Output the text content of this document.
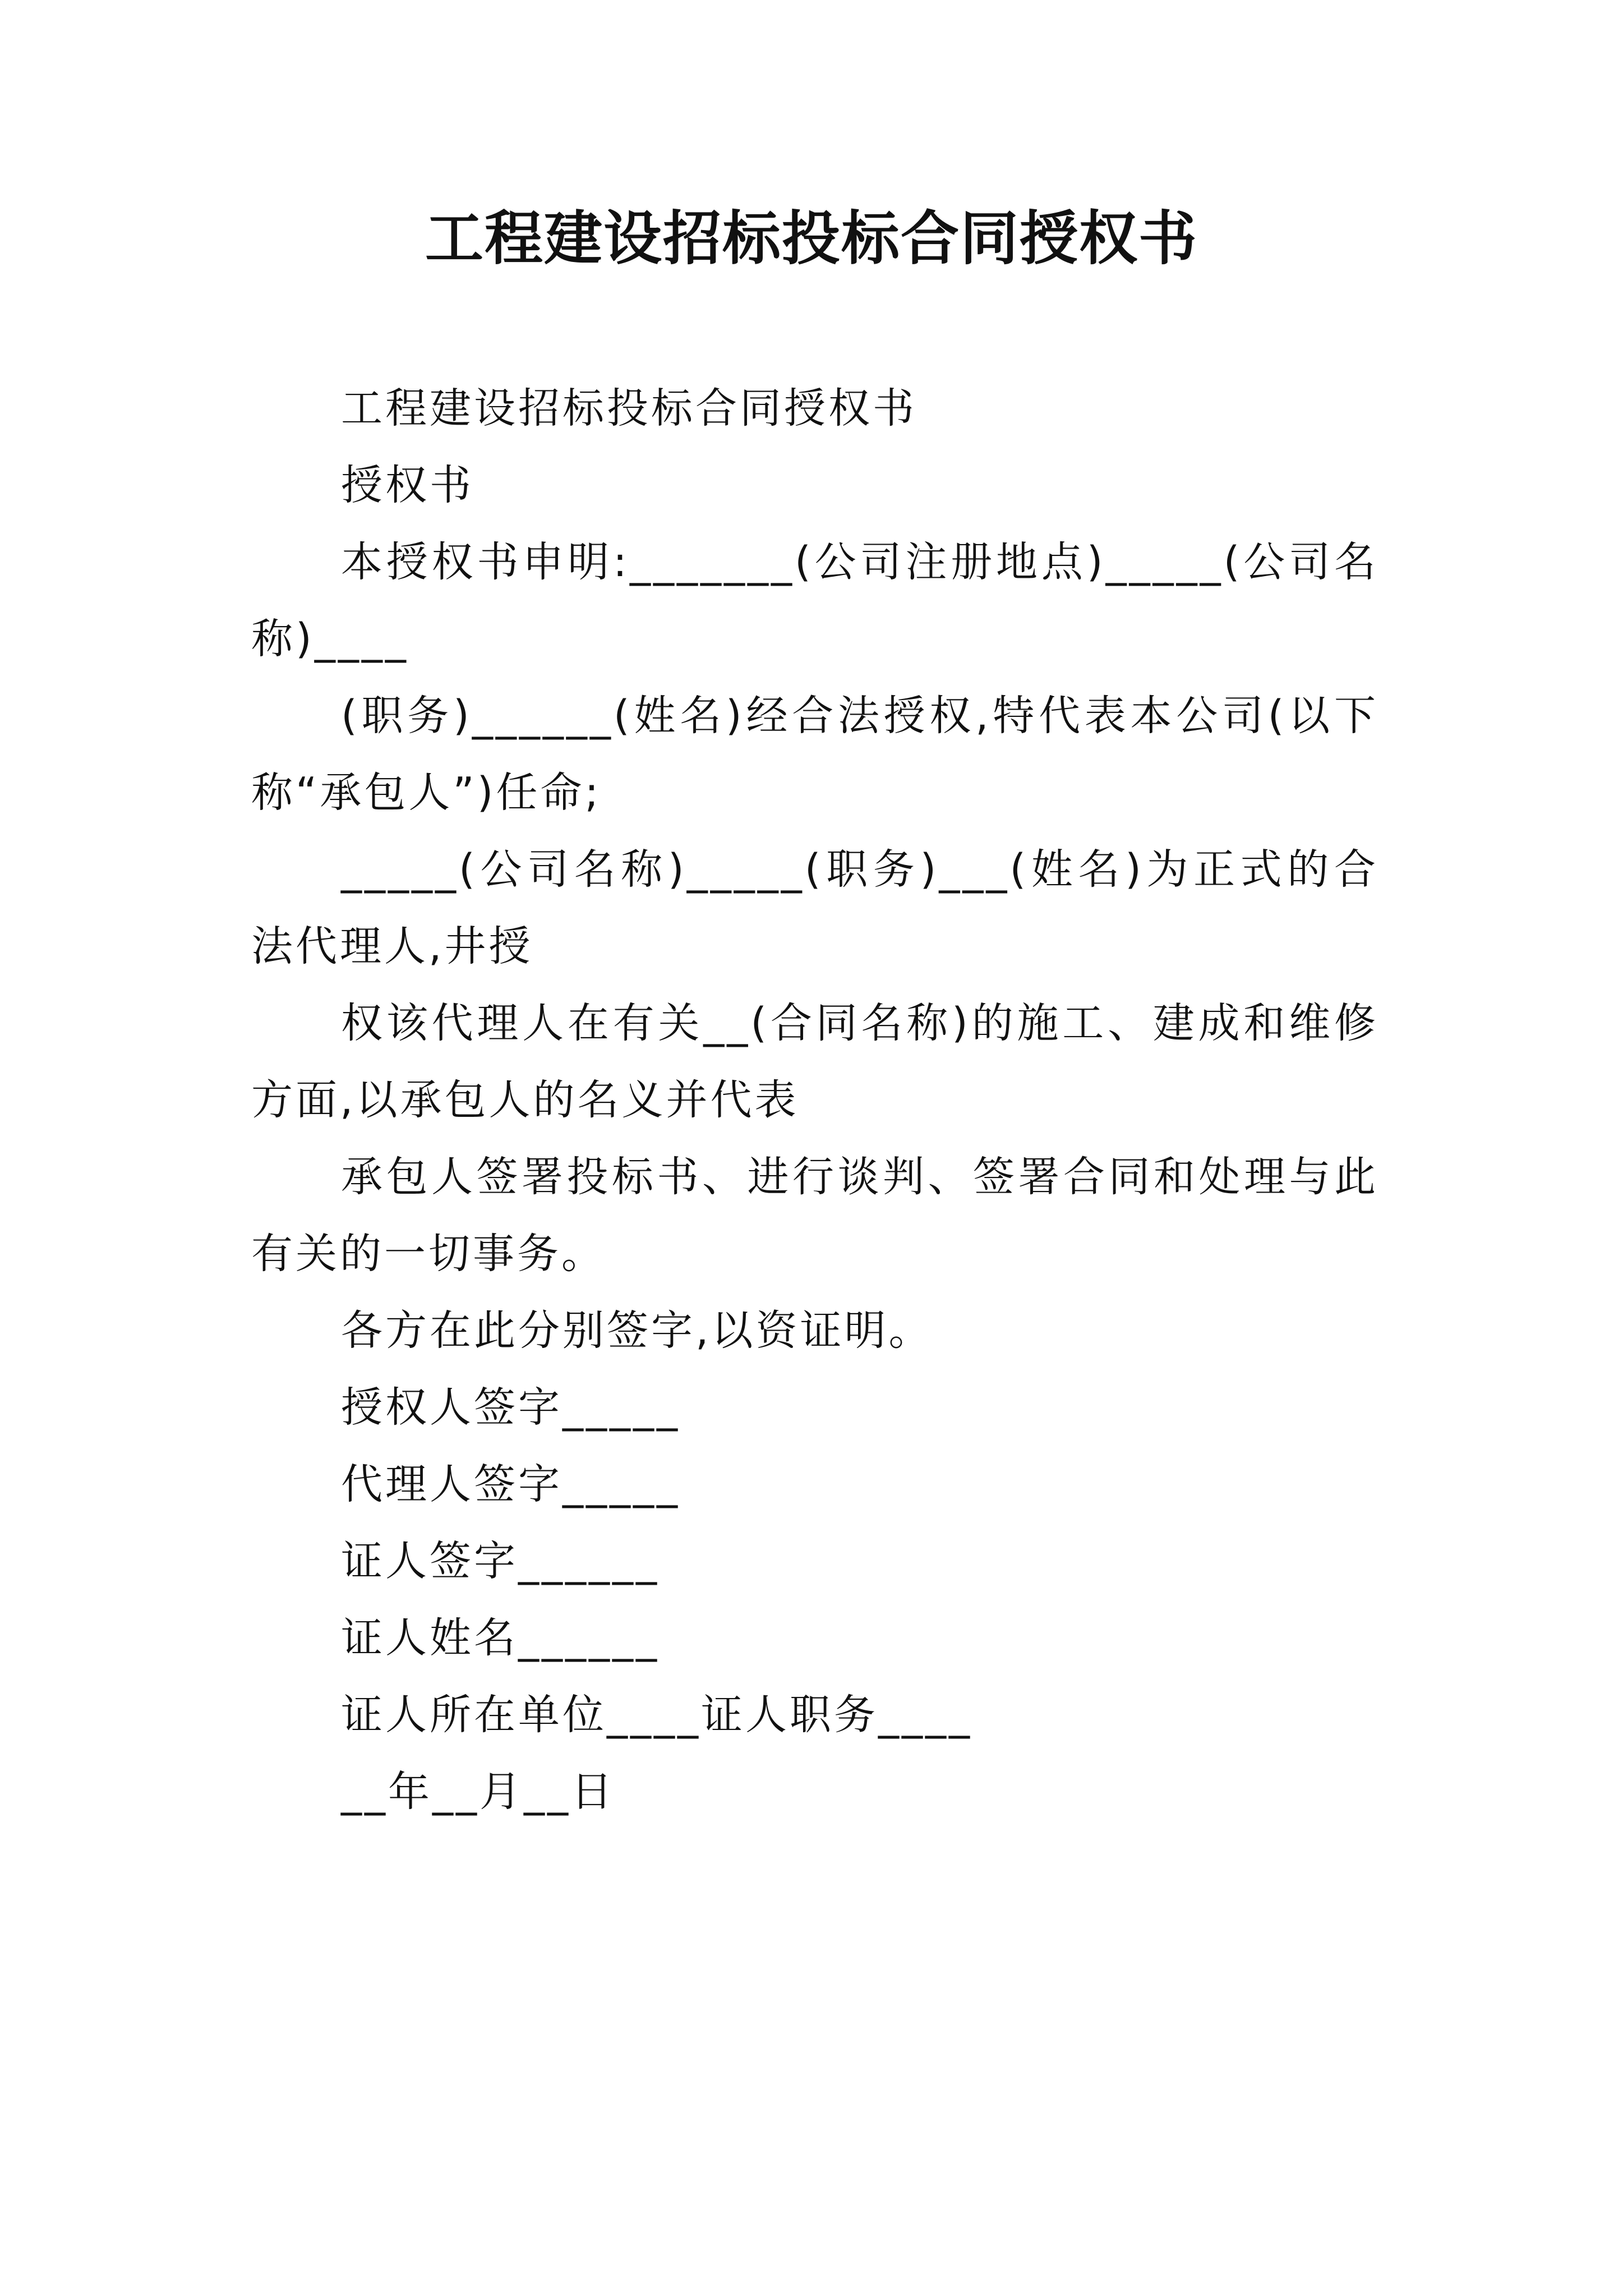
工程建设招标投标合同授权书

工程建设招标投标合同授权书

授权书

本授权书申明:_______(公司注册地点)_____(公司名称)____

(职务)______(姓名)经合法授权,特代表本公司(以下称“承包人”)任命;

_____(公司名称)_____(职务)___(姓名)为正式的合法代理人,井授

权该代理人在有关__(合同名称)的施工、建成和维修方面,以承包人的名义并代表

承包人签署投标书、进行谈判、签署合同和处理与此有关的一切事务。

各方在此分别签字,以资证明。

授权人签字_____

代理人签字_____

证人签字______

证人姓名______

证人所在单位____证人职务____

__年__月__日
